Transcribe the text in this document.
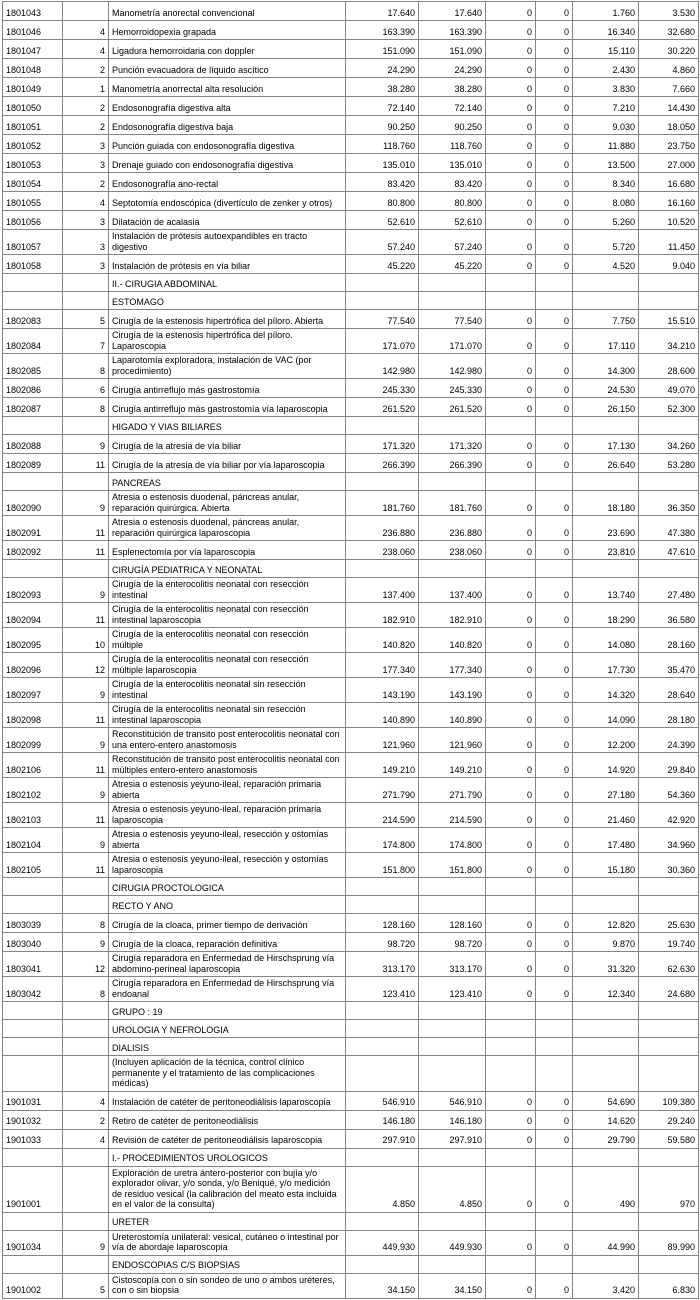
1801043		Manometría anorectal convencional	17.640	17.640	0	0	1.760	3.530
1801046	4	Hemorroidopexia grapada	163.390	163.390	0	0	16.340	32.680
1801047	4	Ligadura hemorroidaria con doppler	151.090	151.090	0	0	15.110	30.220
1801048	2	Punción evacuadora de líquido ascítico	24.290	24.290	0	0	2.430	4.860
1801049	1	Manometría anorrectal alta resolución	38.280	38.280	0	0	3.830	7.660
1801050	2	Endosonografía digestiva alta	72.140	72.140	0	0	7.210	14.430
1801051	2	Endosonografía digestiva baja	90.250	90.250	0	0	9.030	18.050
1801052	3	Punción guiada con endosonografía digestiva	118.760	118.760	0	0	11.880	23.750
1801053	3	Drenaje guiado con endosonografía digestiva	135.010	135.010	0	0	13.500	27.000
1801054	2	Endosonografía ano-rectal	83.420	83.420	0	0	8.340	16.680
1801055	4	Septotomía endoscópica (divertículo de zenker y otros)	80.800	80.800	0	0	8.080	16.160
1801056	3	Dilatación de acalasia	52.610	52.610	0	0	5.260	10.520
1801057	3	Instalación de prótesis autoexpandibles en tracto digestivo	57.240	57.240	0	0	5.720	11.450
1801058	3	Instalación de prótesis en vía biliar	45.220	45.220	0	0	4.520	9.040
		II.- CIRUGIA ABDOMINAL						
		ESTOMAGO						
1802083	5	Cirugía de la estenosis hipertrófica del píloro. Abierta	77.540	77.540	0	0	7.750	15.510
1802084	7	Cirugía de la estenosis hipertrófica del píloro. Laparoscopia	171.070	171.070	0	0	17.110	34.210
1802085	8	Laparotomía exploradora, instalación de VAC (por procedimiento)	142.980	142.980	0	0	14.300	28.600
1802086	6	Cirugía antirreflujo más gastrostomía	245.330	245.330	0	0	24.530	49.070
1802087	8	Cirugía antirreflujo más gastrostomía vía laparoscopia	261.520	261.520	0	0	26.150	52.300
		HIGADO Y VIAS BILIARES						
1802088	9	Cirugía de la atresia de vía biliar	171.320	171.320	0	0	17.130	34.260
1802089	11	Cirugía de la atresia de vía biliar por vía laparoscopia	266.390	266.390	0	0	26.640	53.280
		PANCREAS						
1802090	9	Atresia o estenosis duodenal, páncreas anular, reparación quirúrgica. Abierta	181.760	181.760	0	0	18.180	36.350
1802091	11	Atresia o estenosis duodenal, páncreas anular, reparación quirúrgica laparoscopia	236.880	236.880	0	0	23.690	47.380
1802092	11	Esplenectomía por vía laparoscopia	238.060	238.060	0	0	23.810	47.610
		CIRUGÍA PEDIATRICA Y NEONATAL						
1802093	9	Cirugía de la enterocolitis neonatal con resección intestinal	137.400	137.400	0	0	13.740	27.480
1802094	11	Cirugía de la enterocolitis neonatal con resección intestinal laparoscopia	182.910	182.910	0	0	18.290	36.580
1802095	10	Cirugía de la enterocolitis neonatal con resección múltiple	140.820	140.820	0	0	14.080	28.160
1802096	12	Cirugía de la enterocolitis neonatal con resección múltiple laparoscopia	177.340	177.340	0	0	17.730	35.470
1802097	9	Cirugía de la enterocolitis neonatal sin resección intestinal	143.190	143.190	0	0	14.320	28.640
1802098	11	Cirugía de la enterocolitis neonatal sin resección intestinal laparoscopia	140.890	140.890	0	0	14.090	28.180
1802099	9	Reconstitución de transito post enterocolitis neonatal con una entero-entero anastomosis	121.960	121.960	0	0	12.200	24.390
1802106	11	Reconstitución de transito post enterocolitis neonatal con múltiples entero-entero anastomosis	149.210	149.210	0	0	14.920	29.840
1802102	9	Atresia o estenosis yeyuno-ileal, reparación primaria abierta	271.790	271.790	0	0	27.180	54.360
1802103	11	Atresia o estenosis yeyuno-ileal, reparación primaria laparoscopia	214.590	214.590	0	0	21.460	42.920
1802104	9	Atresia o estenosis yeyuno-ileal, resección y ostomías abierta	174.800	174.800	0	0	17.480	34.960
1802105	11	Atresia o estenosis yeyuno-ileal, resección y ostomías laparoscopia	151.800	151.800	0	0	15.180	30.360
		CIRUGIA PROCTOLOGICA						
		RECTO Y ANO						
1803039	8	Cirugía de la cloaca, primer tiempo de derivación	128.160	128.160	0	0	12.820	25.630
1803040	9	Cirugía de la cloaca, reparación definitiva	98.720	98.720	0	0	9.870	19.740
1803041	12	Cirugía reparadora en Enfermedad de Hirschsprung vía abdomino-perineal laparoscopia	313.170	313.170	0	0	31.320	62.630
1803042	8	Cirugía reparadora en Enfermedad de Hirschsprung vía endoanal	123.410	123.410	0	0	12.340	24.680
		GRUPO : 19						
		UROLOGIA Y NEFROLOGIA						
		DIALISIS						
		(Incluyen aplicación de la técnica, control clínico permanente y el tratamiento de las complicaciones médicas)						
1901031	4	Instalación de catéter de peritoneodiálisis laparoscopia	546.910	546.910	0	0	54.690	109.380
1901032	2	Retiro de catéter de peritoneodiálisis	146.180	146.180	0	0	14.620	29.240
1901033	4	Revisión de catéter de peritoneodiálisis laparoscopia	297.910	297.910	0	0	29.790	59.580
		I.- PROCEDIMIENTOS UROLOGICOS						
1901001		Exploración de uretra ántero-posterior con bujía y/o explorador olivar, y/o sonda, y/o Beniqué, y/o medición de residuo vesical (la calibración del meato esta incluida en el valor de la consulta)	4.850	4.850	0	0	490	970
		URETER						
1901034	9	Ureterostomía unilateral: vesical, cutáneo o intestinal por vía de abordaje laparoscopia	449.930	449.930	0	0	44.990	89.990
		ENDOSCOPIAS C/S BIOPSIAS						
1901002	5	Cistoscopía con o sin sondeo de uno o ambos uréteres, con o sin biopsia	34.150	34.150	0	0	3.420	6.830
